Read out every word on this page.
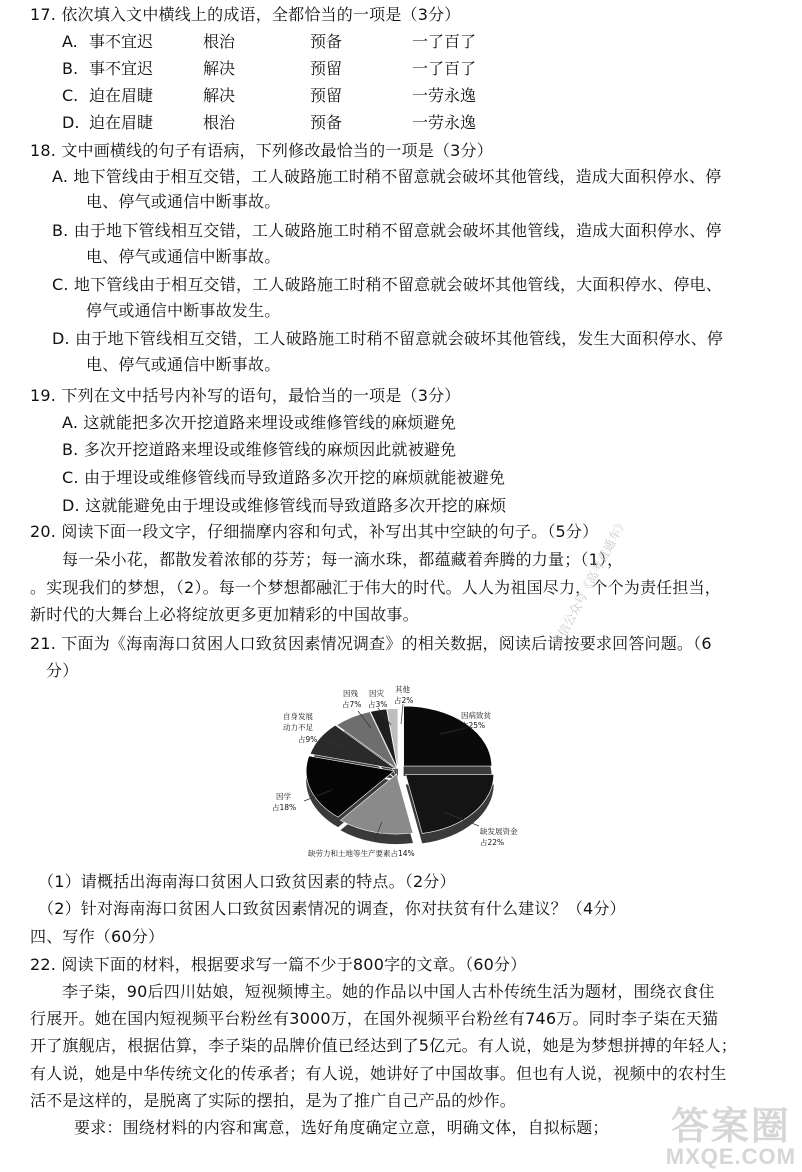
17. 依次填入文中横线上的成语，全都恰当的一项是（3分）
A. 事不宜迟	根治	预备	一了百了
B. 事不宜迟	解决	预留	一了百了
C. 迫在眉睫	解决	预留	一劳永逸
D. 迫在眉睫	根治	预备	一劳永逸
18. 文中画横线的句子有语病，下列修改最恰当的一项是（3分）
A. 地下管线由于相互交错，工人破路施工时稍不留意就会破坏其他管线，造成大面积停水、停
电、停气或通信中断事故。
B. 由于地下管线相互交错，工人破路施工时稍不留意就会破坏其他管线，造成大面积停水、停
电、停气或通信中断事故。
C. 地下管线由于相互交错，工人破路施工时稍不留意就会破坏其他管线，大面积停水、停电、
停气或通信中断事故发生。
D. 由于地下管线相互交错，工人破路施工时稍不留意就会破坏其他管线，发生大面积停水、停
电、停气或通信中断事故。
19. 下列在文中括号内补写的语句，最恰当的一项是（3分）
A. 这就能把多次开挖道路来埋设或维修管线的麻烦避免
B. 多次开挖道路来埋设或维修管线的麻烦因此就被避免
C. 由于埋设或维修管线而导致道路多次开挖的麻烦就能被避免
D. 这就能避免由于埋设或维修管线而导致道路多次开挖的麻烦
20. 阅读下面一段文字，仔细揣摩内容和句式，补写出其中空缺的句子。（5分）
每一朵小花，都散发着浓郁的芬芳；每一滴水珠，都蕴藏着奔腾的力量；（1），
。实现我们的梦想，（2）。每一个梦想都融汇于伟大的时代。人人为祖国尽力，个个为责任担当，
新时代的大舞台上必将绽放更多更加精彩的中国故事。
21. 下面为《海南海口贫困人口致贫因素情况调查》的相关数据，阅读后请按要求回答问题。（6
分）
微信公众号《高考直通车》
因病致贫 占25%
缺发展资金 占22%
缺劳力和土地等生产要素占14%
因学 占18%
自身发展 动力不足 占9%
因残 占7%
因灾 占3%
其他 占2%
（1）请概括出海南海口贫困人口致贫因素的特点。（2分）
（2）针对海南海口贫困人口致贫因素情况的调查，你对扶贫有什么建议？（4分）
四、写作（60分）
22. 阅读下面的材料，根据要求写一篇不少于800字的文章。（60分）
李子柒，90后四川姑娘，短视频博主。她的作品以中国人古朴传统生活为题材，围绕衣食住
行展开。她在国内短视频平台粉丝有3000万，在国外视频平台粉丝有746万。同时李子柒在天猫
开了旗舰店，根据估算，李子柒的品牌价值已经达到了5亿元。有人说，她是为梦想拼搏的年轻人；
有人说，她是中华传统文化的传承者；有人说，她讲好了中国故事。但也有人说，视频中的农村生
活不是这样的，是脱离了实际的摆拍，是为了推广自己产品的炒作。
要求：围绕材料的内容和寓意，选好角度确定立意，明确文体，自拟标题； 答案圈
MXQE.COM
